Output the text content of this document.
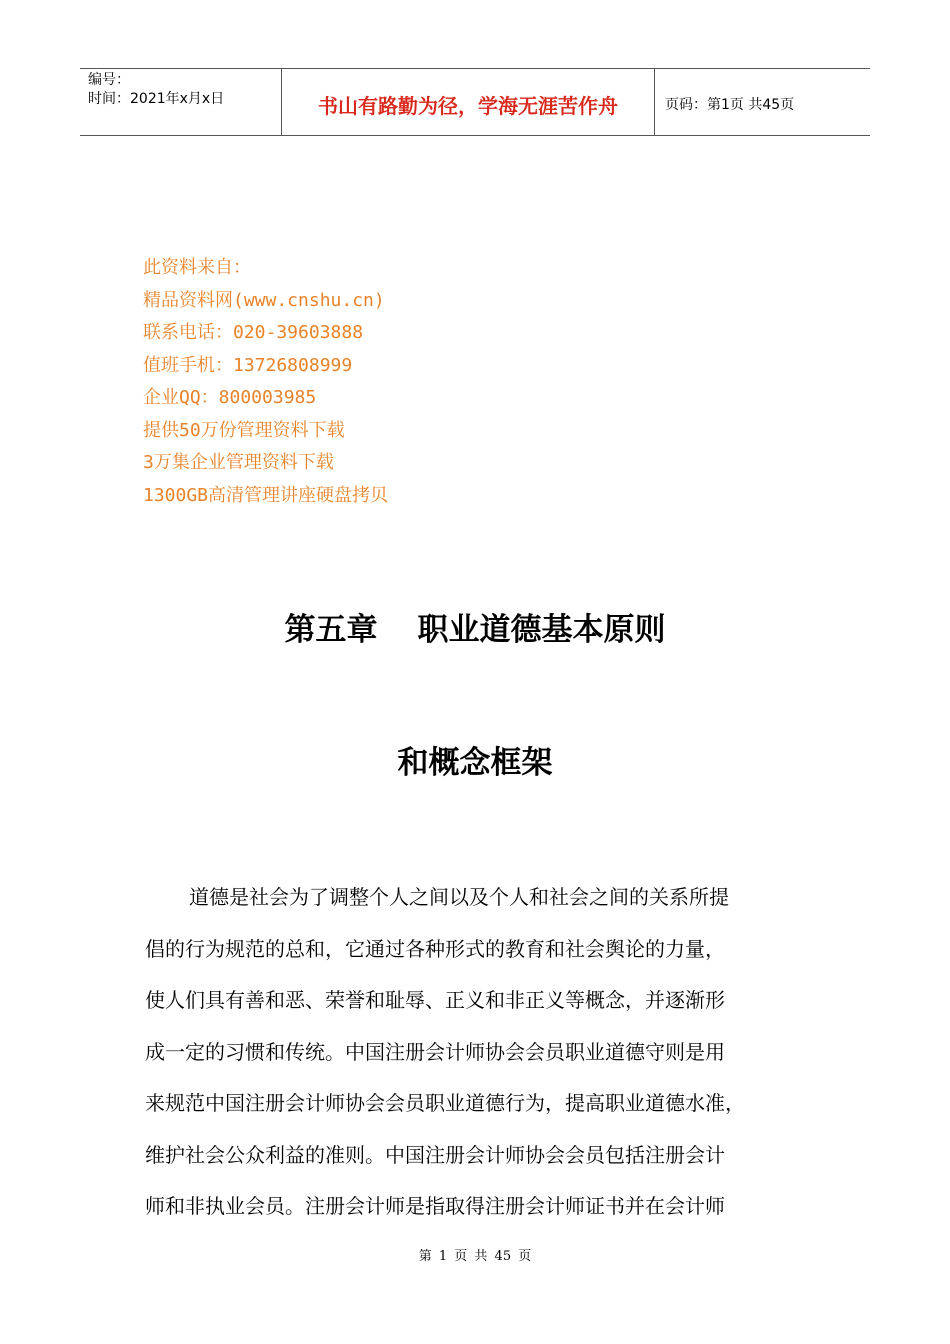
编号：
时间：2021年x月x日	书山有路勤为径，学海无涯苦作舟	页码：第1页 共45页
此资料来自：
精品资料网(www.cnshu.cn)
联系电话：020-39603888
值班手机：13726808999
企业QQ：800003985
提供50万份管理资料下载
3万集企业管理资料下载
1300GB高清管理讲座硬盘拷贝
第五章 职业道德基本原则
和概念框架
道德是社会为了调整个人之间以及个人和社会之间的关系所提
倡的行为规范的总和，它通过各种形式的教育和社会舆论的力量，
使人们具有善和恶、荣誉和耻辱、正义和非正义等概念，并逐渐形
成一定的习惯和传统。中国注册会计师协会会员职业道德守则是用
来规范中国注册会计师协会会员职业道德行为，提高职业道德水准，
维护社会公众利益的准则。中国注册会计师协会会员包括注册会计
师和非执业会员。注册会计师是指取得注册会计师证书并在会计师
第 1 页 共 45 页
